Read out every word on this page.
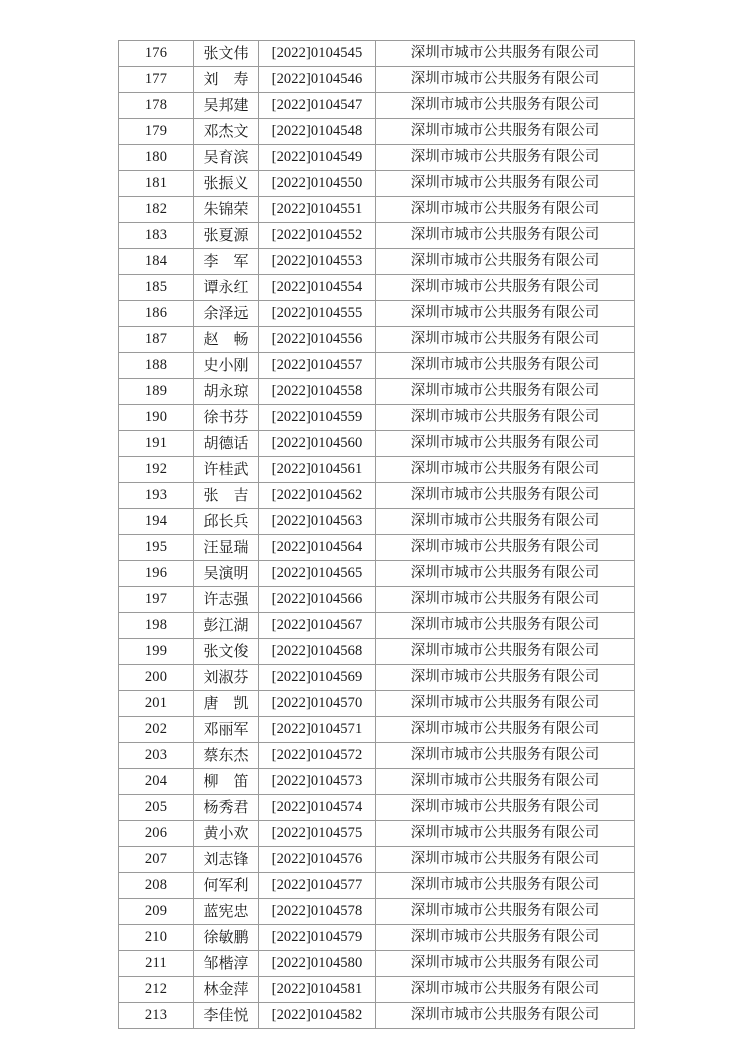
176	张文伟	[2022]0104545	深圳市城市公共服务有限公司
177	刘　寿	[2022]0104546	深圳市城市公共服务有限公司
178	吴邦建	[2022]0104547	深圳市城市公共服务有限公司
179	邓杰文	[2022]0104548	深圳市城市公共服务有限公司
180	吴育滨	[2022]0104549	深圳市城市公共服务有限公司
181	张振义	[2022]0104550	深圳市城市公共服务有限公司
182	朱锦荣	[2022]0104551	深圳市城市公共服务有限公司
183	张夏源	[2022]0104552	深圳市城市公共服务有限公司
184	李　军	[2022]0104553	深圳市城市公共服务有限公司
185	谭永红	[2022]0104554	深圳市城市公共服务有限公司
186	余泽远	[2022]0104555	深圳市城市公共服务有限公司
187	赵　畅	[2022]0104556	深圳市城市公共服务有限公司
188	史小刚	[2022]0104557	深圳市城市公共服务有限公司
189	胡永琼	[2022]0104558	深圳市城市公共服务有限公司
190	徐书芬	[2022]0104559	深圳市城市公共服务有限公司
191	胡德话	[2022]0104560	深圳市城市公共服务有限公司
192	许桂武	[2022]0104561	深圳市城市公共服务有限公司
193	张　吉	[2022]0104562	深圳市城市公共服务有限公司
194	邱长兵	[2022]0104563	深圳市城市公共服务有限公司
195	汪显瑞	[2022]0104564	深圳市城市公共服务有限公司
196	吴演明	[2022]0104565	深圳市城市公共服务有限公司
197	许志强	[2022]0104566	深圳市城市公共服务有限公司
198	彭江湖	[2022]0104567	深圳市城市公共服务有限公司
199	张文俊	[2022]0104568	深圳市城市公共服务有限公司
200	刘淑芬	[2022]0104569	深圳市城市公共服务有限公司
201	唐　凯	[2022]0104570	深圳市城市公共服务有限公司
202	邓丽军	[2022]0104571	深圳市城市公共服务有限公司
203	蔡东杰	[2022]0104572	深圳市城市公共服务有限公司
204	柳　笛	[2022]0104573	深圳市城市公共服务有限公司
205	杨秀君	[2022]0104574	深圳市城市公共服务有限公司
206	黄小欢	[2022]0104575	深圳市城市公共服务有限公司
207	刘志锋	[2022]0104576	深圳市城市公共服务有限公司
208	何军利	[2022]0104577	深圳市城市公共服务有限公司
209	蓝宪忠	[2022]0104578	深圳市城市公共服务有限公司
210	徐敏鹏	[2022]0104579	深圳市城市公共服务有限公司
211	邹楷淳	[2022]0104580	深圳市城市公共服务有限公司
212	林金萍	[2022]0104581	深圳市城市公共服务有限公司
213	李佳悦	[2022]0104582	深圳市城市公共服务有限公司
